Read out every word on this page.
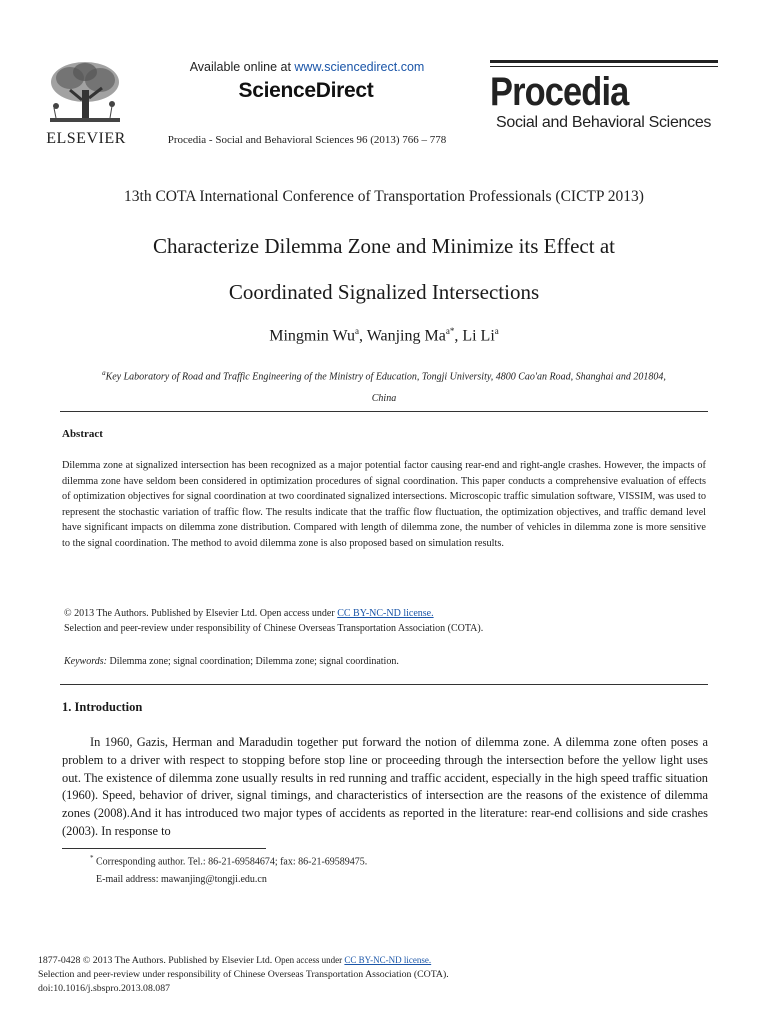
ELSEVIER
Available online at www.sciencedirect.com
ScienceDirect
Procedia - Social and Behavioral Sciences 96 (2013) 766 – 778
Procedia
Social and Behavioral Sciences
13th COTA International Conference of Transportation Professionals (CICTP 2013)
Characterize Dilemma Zone and Minimize its Effect at
Coordinated Signalized Intersections
Mingmin Wu$^a$, Wanjing $Ma^{a*}$, Li Li$^a$
$^a$Key Laboratory of Road and Traffic Engineering of the Ministry of Education, Tongji University, 4800 Cao'an Road, Shanghai and 201804,
China
Abstract
Dilemma zone at signalized intersection has been recognized as a major potential factor causing rear-end and right-angle crashes. However, the impacts of dilemma zone have seldom been considered in optimization procedures of signal coordination. This paper conducts a comprehensive evaluation of effects of optimization objectives for signal coordination at two coordinated signalized intersections. Microscopic traffic simulation software, VISSIM, was used to represent the stochastic variation of traffic flow. The results indicate that the traffic flow fluctuation, the optimization objectives, and traffic demand level have significant impacts on dilemma zone distribution. Compared with length of dilemma zone, the number of vehicles in dilemma zone is more sensitive to the signal coordination. The method to avoid dilemma zone is also proposed based on simulation results.
© 2013 The Authors. Published by Elsevier Ltd. Open access under CC BY-NC-ND license.
Selection and peer-review under responsibility of Chinese Overseas Transportation Association (COTA).
Keywords: Dilemma zone; signal coordination; Dilemma zone; signal coordination.
1. Introduction
In 1960, Gazis, Herman and Maradudin together put forward the notion of dilemma zone. A dilemma zone often poses a problem to a driver with respect to stopping before stop line or proceeding through the intersection before the yellow light uses out. The existence of dilemma zone usually results in red running and traffic accident, especially in the high speed traffic situation (1960). Speed, behavior of driver, signal timings, and characteristics of intersection are the reasons of the existence of dilemma zones (2008).And it has introduced two major types of accidents as reported in the literature: rear-end collisions and side crashes (2003). In response to
* Corresponding author. Tel.: 86-21-69584674; fax: 86-21-69589475.
E-mail address: mawanjing@tongji.edu.cn
1877-0428 © 2013 The Authors. Published by Elsevier Ltd. Open access under CC BY-NC-ND license.
Selection and peer-review under responsibility of Chinese Overseas Transportation Association (COTA).
doi:10.1016/j.sbspro.2013.08.087
